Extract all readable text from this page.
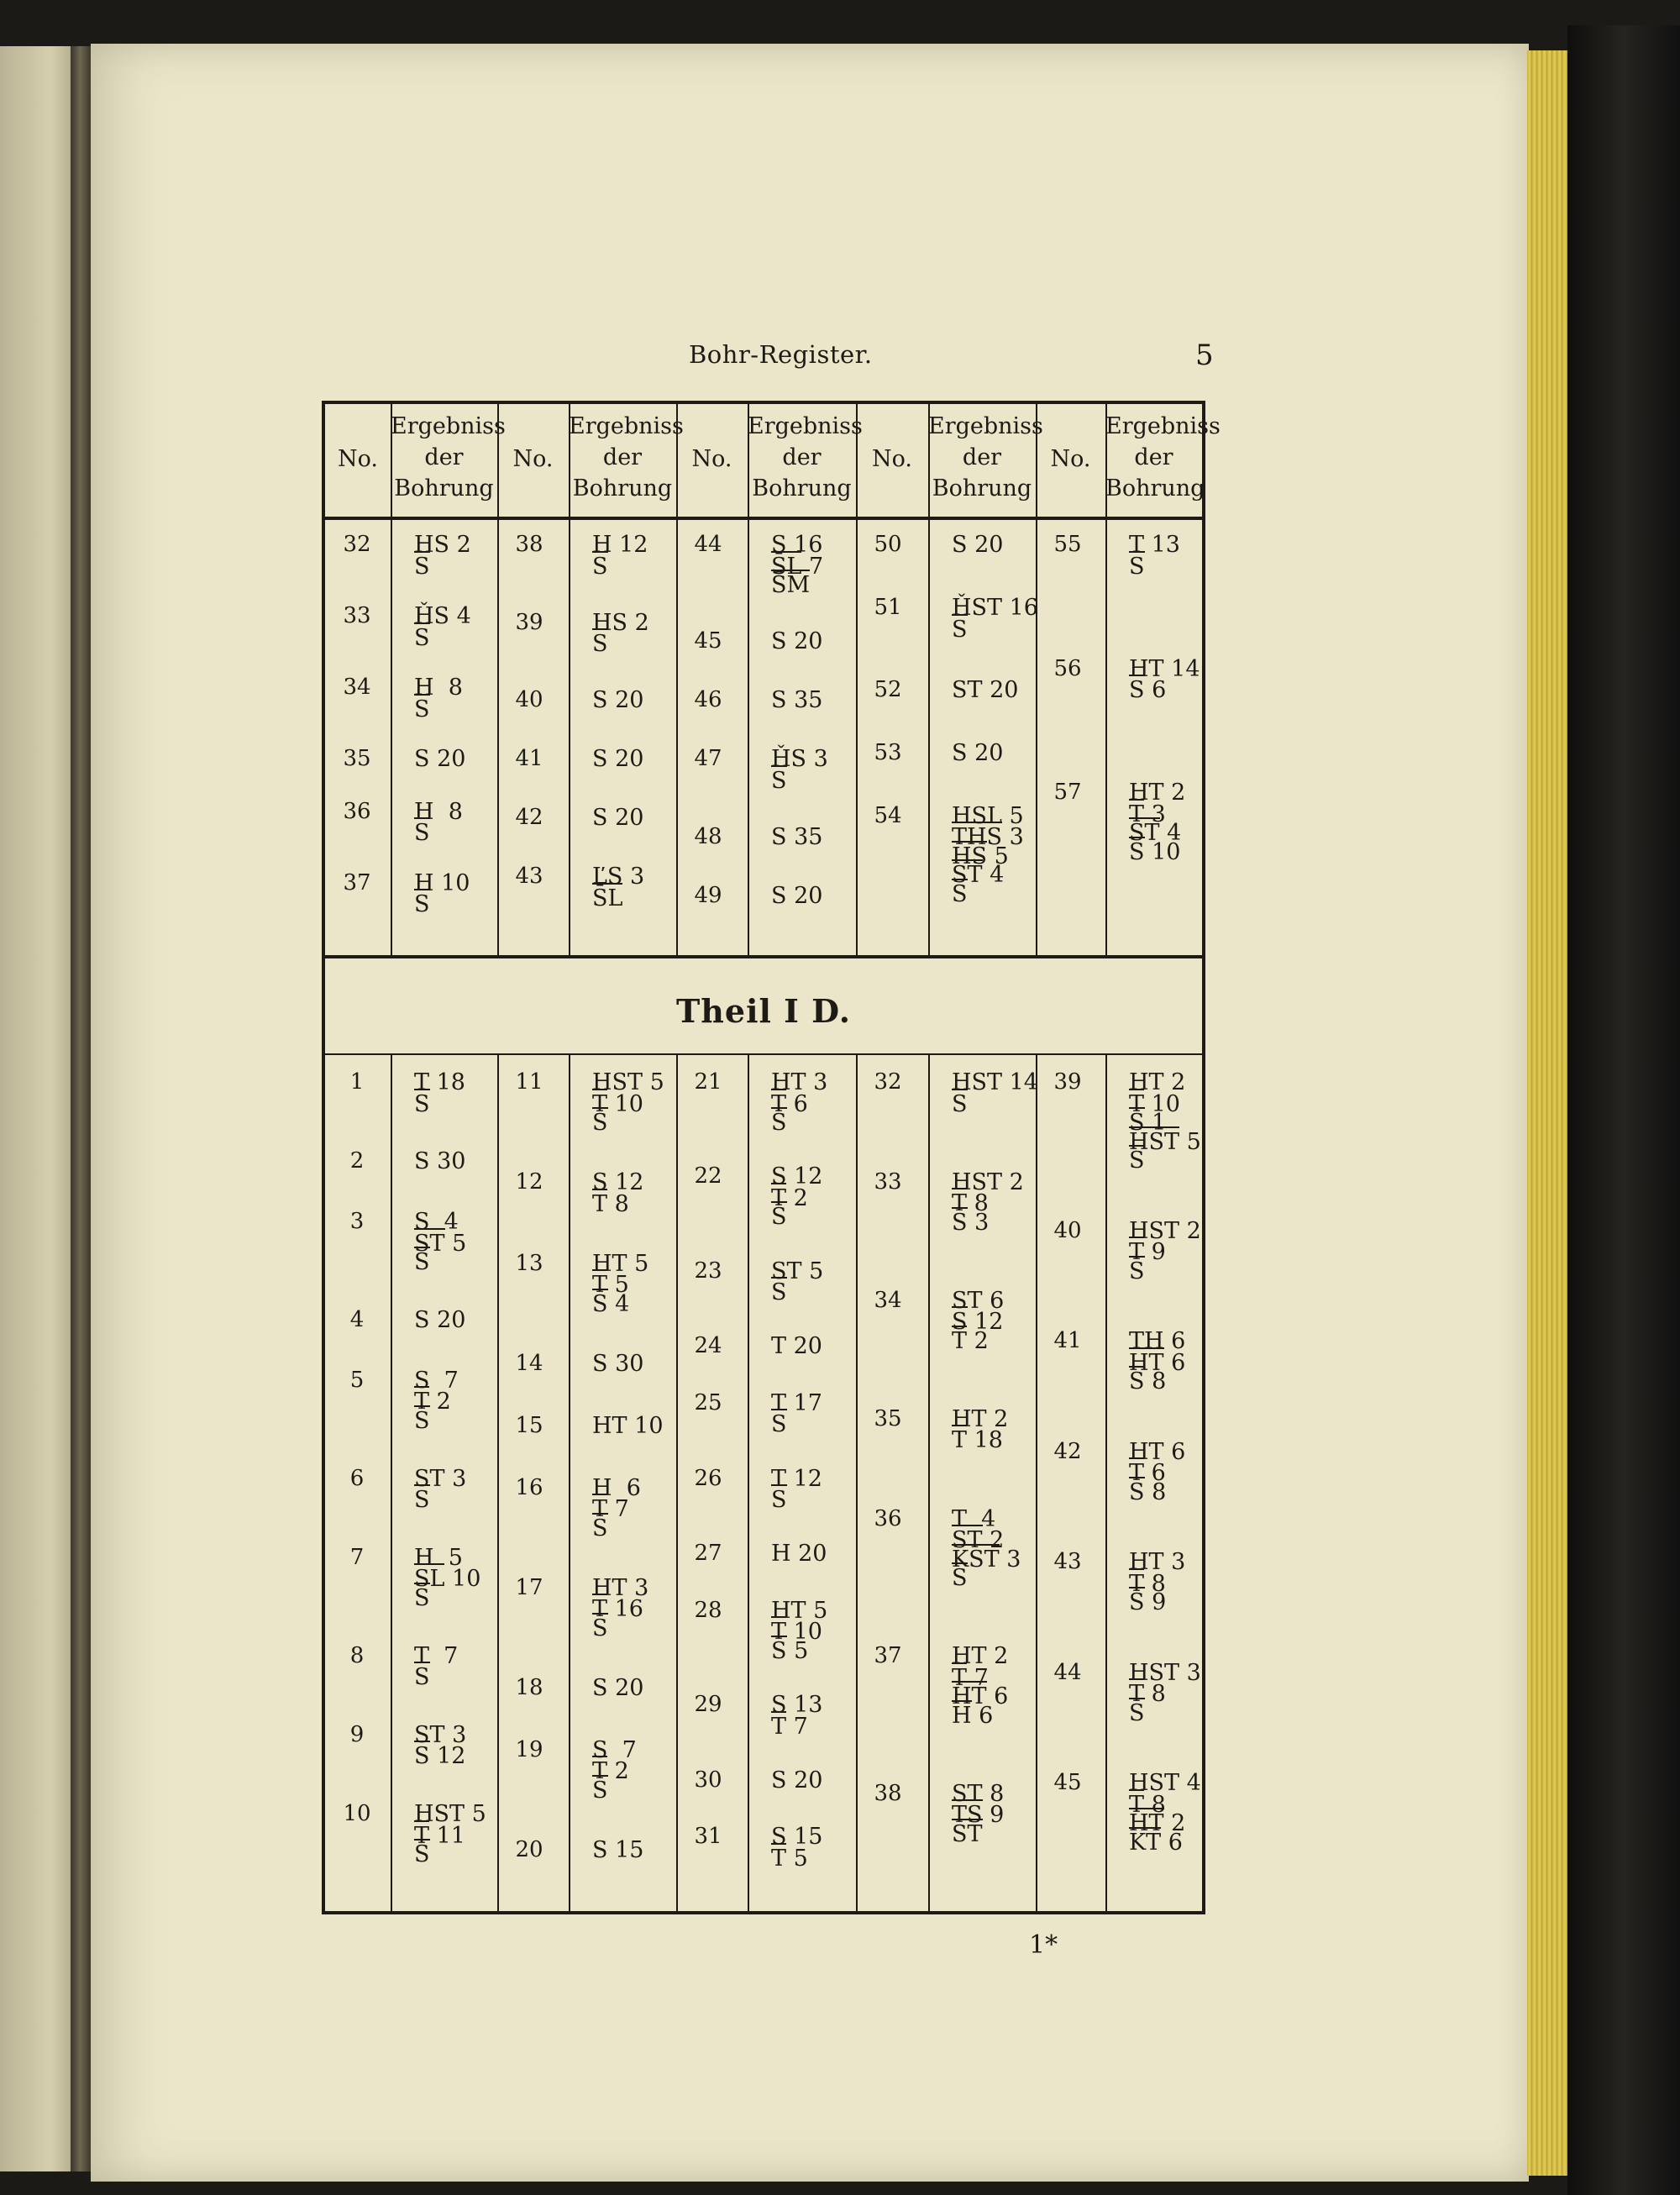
Bohr-Register.	5
1*
Theil I D.
No.
Ergebniss
der
Bohrung
No.
Ergebniss
der
Bohrung
No.
Ergebniss
der
Bohrung
No.
Ergebniss
der
Bohrung
No.
Ergebniss
der
Bohrung
32	HS 2
S
33	ȞS 4
S
34	H  8
S
35	S 20
36	H  8
S
37	H 10
S
38	H 12
S
39	HS 2
S
40	S 20
41	S 20
42	S 20
43	ĽS 3
S̄L
44	S 16
S̄L 7
S̄M
45	S 20
46	S 35
47	ȞS 3
S
48	S 35
49	S 20
50	S 20
51	ȞST 16
S
52	ST 20
53	S 20
54	HSL 5
THS 3
HS 5
ST 4
S
55	T 13
S
56	HT 14
S 6
57	HT 2
T 3
ST 4
S 10
1	T 18
S
2	S 30
3	S  4
ST 5
S
4	S 20
5	S  7
T 2
S
6	ST 3
S
7	H  5
SL 10
S
8	T  7
S
9	ST 3
S 12
10	HST 5
T 11
S
11	HST 5
T 10
S
12	S 12
T 8
13	HT 5
T 5
S 4
14	S 30
15	HT 10
16	H  6
T 7
S
17	HT 3
T 16
S
18	S 20
19	S  7
T 2
S
20	S 15
21	HT 3
T 6
S
22	S 12
T 2
S
23	ST 5
S
24	T 20
25	T 17
S
26	T 12
S
27	H 20
28	HT 5
T 10
S 5
29	S 13
T 7
30	S 20
31	S 15
T 5
32	HST 14
S
33	HST 2
T 8
S 3
34	ST 6
S 12
T 2
35	HT 2
T 18
36	T  4
ST 2
KST 3
S
37	HT 2
T 7
HT 6
H 6
38	ST 8
TS 9
ST
39	HT 2
T 10
S 1
HST 5
S
40	HST 2
T 9
S
41	TH 6
HT 6
S 8
42	HT 6
T 6
S 8
43	HT 3
T 8
S 9
44	HST 3
T 8
S
45	HST 4
T 8
HT 2
KT 6
